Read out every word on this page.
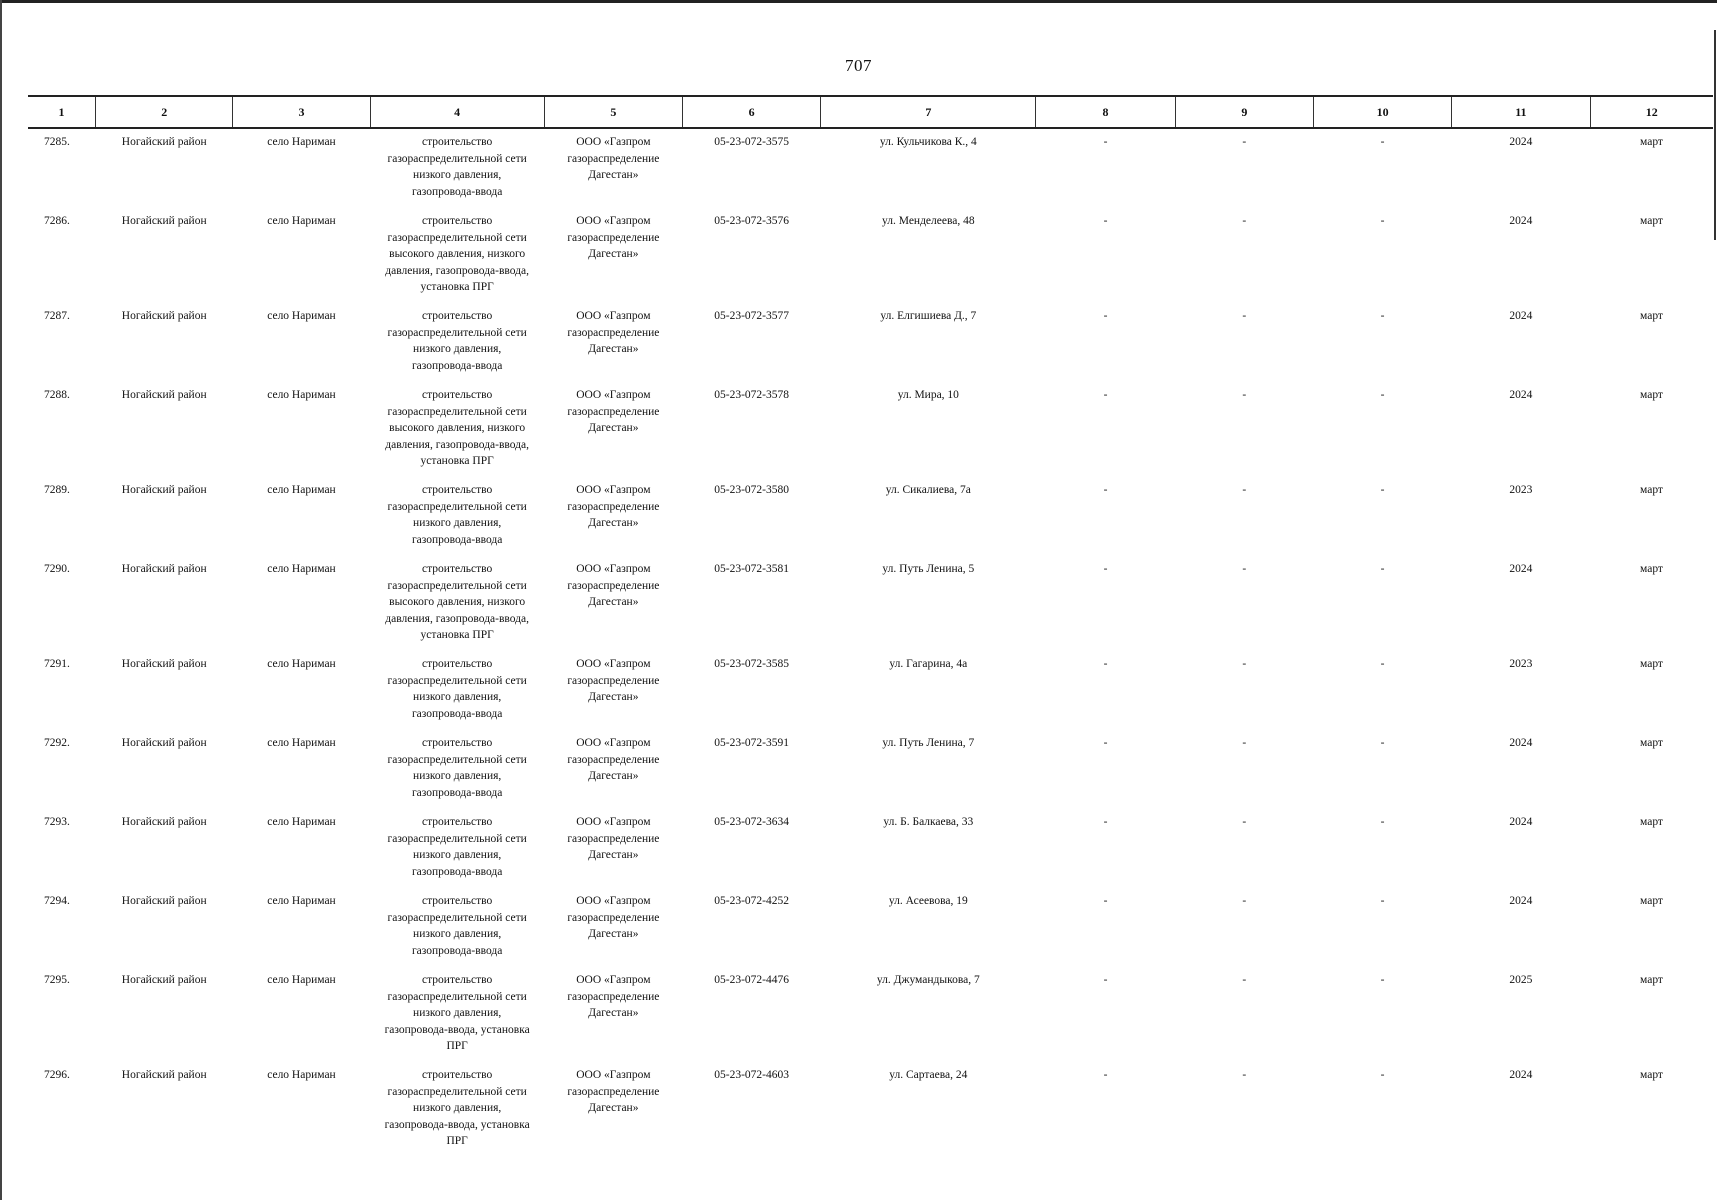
707
1	2	3	4	5	6	7	8	9	10	11	12
7285.	Ногайский район	село Нариман	строительство
газораспределительной сети
низкого давления,
газопровода-ввода	ООО «Газпром
газораспределение
Дагестан»	05-23-072-3575	ул. Кульчикова К., 4	-	-	-	2024	март
7286.	Ногайский район	село Нариман	строительство
газораспределительной сети
высокого давления, низкого
давления, газопровода-ввода,
установка ПРГ	ООО «Газпром
газораспределение
Дагестан»	05-23-072-3576	ул. Менделеева, 48	-	-	-	2024	март
7287.	Ногайский район	село Нариман	строительство
газораспределительной сети
низкого давления,
газопровода-ввода	ООО «Газпром
газораспределение
Дагестан»	05-23-072-3577	ул. Елгишиева Д., 7	-	-	-	2024	март
7288.	Ногайский район	село Нариман	строительство
газораспределительной сети
высокого давления, низкого
давления, газопровода-ввода,
установка ПРГ	ООО «Газпром
газораспределение
Дагестан»	05-23-072-3578	ул. Мира, 10	-	-	-	2024	март
7289.	Ногайский район	село Нариман	строительство
газораспределительной сети
низкого давления,
газопровода-ввода	ООО «Газпром
газораспределение
Дагестан»	05-23-072-3580	ул. Сикалиева, 7а	-	-	-	2023	март
7290.	Ногайский район	село Нариман	строительство
газораспределительной сети
высокого давления, низкого
давления, газопровода-ввода,
установка ПРГ	ООО «Газпром
газораспределение
Дагестан»	05-23-072-3581	ул. Путь Ленина, 5	-	-	-	2024	март
7291.	Ногайский район	село Нариман	строительство
газораспределительной сети
низкого давления,
газопровода-ввода	ООО «Газпром
газораспределение
Дагестан»	05-23-072-3585	ул. Гагарина, 4а	-	-	-	2023	март
7292.	Ногайский район	село Нариман	строительство
газораспределительной сети
низкого давления,
газопровода-ввода	ООО «Газпром
газораспределение
Дагестан»	05-23-072-3591	ул. Путь Ленина, 7	-	-	-	2024	март
7293.	Ногайский район	село Нариман	строительство
газораспределительной сети
низкого давления,
газопровода-ввода	ООО «Газпром
газораспределение
Дагестан»	05-23-072-3634	ул. Б. Балкаева, 33	-	-	-	2024	март
7294.	Ногайский район	село Нариман	строительство
газораспределительной сети
низкого давления,
газопровода-ввода	ООО «Газпром
газораспределение
Дагестан»	05-23-072-4252	ул. Асеевова, 19	-	-	-	2024	март
7295.	Ногайский район	село Нариман	строительство
газораспределительной сети
низкого давления,
газопровода-ввода, установка
ПРГ	ООО «Газпром
газораспределение
Дагестан»	05-23-072-4476	ул. Джумандыкова, 7	-	-	-	2025	март
7296.	Ногайский район	село Нариман	строительство
газораспределительной сети
низкого давления,
газопровода-ввода, установка
ПРГ	ООО «Газпром
газораспределение
Дагестан»	05-23-072-4603	ул. Сартаева, 24	-	-	-	2024	март
